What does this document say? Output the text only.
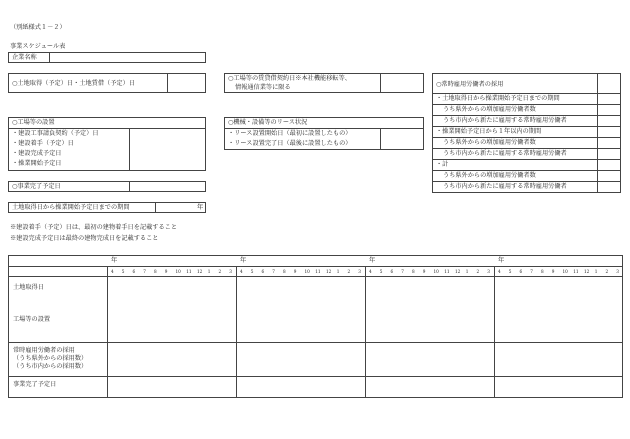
（別紙様式１－２）
事業スケジュール表
企業名称
○土地取得（予定）日・土地賃借（予定）日
○工場等の賃貸借契約日※本社機能移転等、
情報通信業等に限る
○工場等の設置
・建設工事請負契約（予定）日
・建設着手（予定）日
・建設完成予定日
・操業開始予定日
○機械・設備等のリース状況
・リース設置開始日（最初に設置したもの）
・リース設置完了日（最後に設置したもの）
○事業完了予定日
土地取得日から操業開始予定日までの期間	年
※建設着手（予定）日は、最初の建物着手日を記載すること
※建設完成予定日は最終の建物完成日を記載すること
○常時雇用労働者の採用
・土地取得日から操業開始予定日までの期間
うち県外からの増加雇用労働者数
うち市内から新たに雇用する常時雇用労働者
・操業開始予定日から１年以内の期間
うち県外からの増加雇用労働者数
うち市内から新たに雇用する常時雇用労働者
・計
うち県外からの増加雇用労働者数
うち市内から新たに雇用する常時雇用労働者
年
4 5 6 7 8 9 10 11 12 1 2 3
年
4 5 6 7 8 9 10 11 12 1 2 3
年
4 5 6 7 8 9 10 11 12 1 2 3
年
4 5 6 7 8 9 10 11 12 1 2 3
土地取得日
工場等の設置
常時雇用労働者の採用
（うち県外からの採用数）
（うち市内からの採用数）
事業完了予定日
